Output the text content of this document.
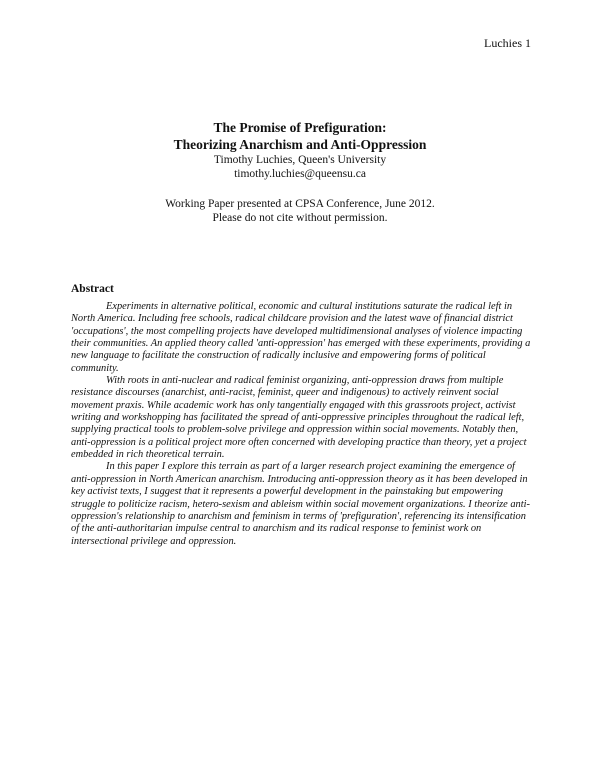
Luchies 1
The Promise of Prefiguration:
Theorizing Anarchism and Anti-Oppression
Timothy Luchies, Queen's University
timothy.luchies@queensu.ca
Working Paper presented at CPSA Conference, June 2012.
Please do not cite without permission.
Abstract

Experiments in alternative political, economic and cultural institutions saturate the radical left in North America. Including free schools, radical childcare provision and the latest wave of financial district 'occupations', the most compelling projects have developed multidimensional analyses of violence impacting their communities. An applied theory called 'anti-oppression' has emerged with these experiments, providing a new language to facilitate the construction of radically inclusive and empowering forms of political community.

With roots in anti-nuclear and radical feminist organizing, anti-oppression draws from multiple resistance discourses (anarchist, anti-racist, feminist, queer and indigenous) to actively reinvent social movement praxis. While academic work has only tangentially engaged with this grassroots project, activist writing and workshopping has facilitated the spread of anti-oppressive principles throughout the radical left, supplying practical tools to problem-solve privilege and oppression within social movements. Notably then, anti-oppression is a political project more often concerned with developing practice than theory, yet a project embedded in rich theoretical terrain.

In this paper I explore this terrain as part of a larger research project examining the emergence of anti-oppression in North American anarchism. Introducing anti-oppression theory as it has been developed in key activist texts, I suggest that it represents a powerful development in the painstaking but empowering struggle to politicize racism, hetero-sexism and ableism within social movement organizations. I theorize anti-oppression's relationship to anarchism and feminism in terms of 'prefiguration', referencing its intensification of the anti-authoritarian impulse central to anarchism and its radical response to feminist work on intersectional privilege and oppression.
